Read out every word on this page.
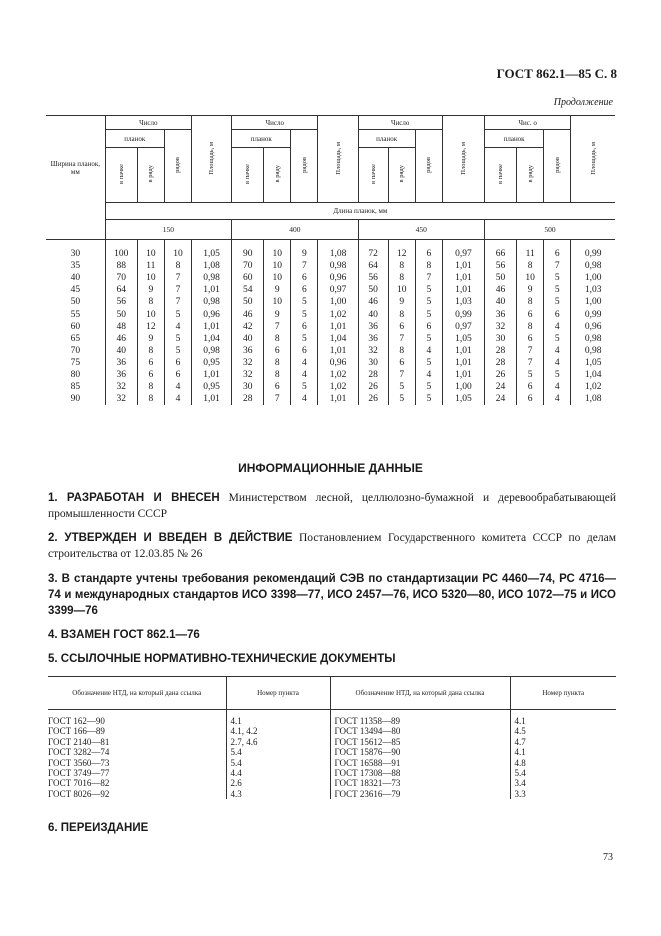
ГОСТ 862.1—85 С. 8
Продолжение
Ширина планок, мм	Число			Площадь, м	Число			Площадь, м	Число			Площадь, м	Чис. о			Площадь, м
	планок		рядов		планок		рядов		планок		рядов		планок		рядов	
	в пачке	в ряду			в пачке	в ряду			в пачке	в ряду			в пачке	в ряду		
	Длина планок, мм															
	150				400				450				500			
30	100	10	10	1,05	90	10	9	1,08	72	12	6	0,97	66	11	6	0,99
35	88	11	8	1,08	70	10	7	0,98	64	8	8	1,01	56	8	7	0,98
40	70	10	7	0,98	60	10	6	0,96	56	8	7	1,01	50	10	5	1,00
45	64	9	7	1,01	54	9	6	0,97	50	10	5	1,01	46	9	5	1,03
50	56	8	7	0,98	50	10	5	1,00	46	9	5	1,03	40	8	5	1,00
55	50	10	5	0,96	46	9	5	1,02	40	8	5	0,99	36	6	6	0,99
60	48	12	4	1,01	42	7	6	1,01	36	6	6	0,97	32	8	4	0,96
65	46	9	5	1,04	40	8	5	1,04	36	7	5	1,05	30	6	5	0,98
70	40	8	5	0,98	36	6	6	1,01	32	8	4	1,01	28	7	4	0,98
75	36	6	6	0,95	32	8	4	0,96	30	6	5	1,01	28	7	4	1,05
80	36	6	6	1,01	32	8	4	1,02	28	7	4	1,01	26	5	5	1,04
85	32	8	4	0,95	30	6	5	1,02	26	5	5	1,00	24	6	4	1,02
90	32	8	4	1,01	28	7	4	1,01	26	5	5	1,05	24	6	4	1,08
ИНФОРМАЦИОННЫЕ ДАННЫЕ
1. РАЗРАБОТАН И ВНЕСЕН Министерством лесной, целлюлозно-бумажной и деревообрабатывающей промышленности СССР
2. УТВЕРЖДЕН И ВВЕДЕН В ДЕЙСТВИЕ Постановлением Государственного комитета СССР по делам строительства от 12.03.85 № 26
3. В стандарте учтены требования рекомендаций СЭВ по стандартизации РС 4460—74, РС 4716—74 и международных стандартов ИСО 3398—77, ИСО 2457—76, ИСО 5320—80, ИСО 1072—75 и ИСО 3399—76
4. ВЗАМЕН ГОСТ 862.1—76
5. ССЫЛОЧНЫЕ НОРМАТИВНО-ТЕХНИЧЕСКИЕ ДОКУМЕНТЫ
Обозначение НТД, на который дана ссылка	Номер пункта	Обозначение НТД, на который дана ссылка	Номер пункта
ГОСТ 162—90	4.1	ГОСТ 11358—89	4.1
ГОСТ 166—89	4.1, 4.2	ГОСТ 13494—80	4.5
ГОСТ 2140—81	2.7, 4.6	ГОСТ 15612—85	4.7
ГОСТ 3282—74	5.4	ГОСТ 15876—90	4.1
ГОСТ 3560—73	5.4	ГОСТ 16588—91	4.8
ГОСТ 3749—77	4.4	ГОСТ 17308—88	5.4
ГОСТ 7016—82	2.6	ГОСТ 18321—73	3.4
ГОСТ 8026—92	4.3	ГОСТ 23616—79	3.3
6. ПЕРЕИЗДАНИЕ
73
